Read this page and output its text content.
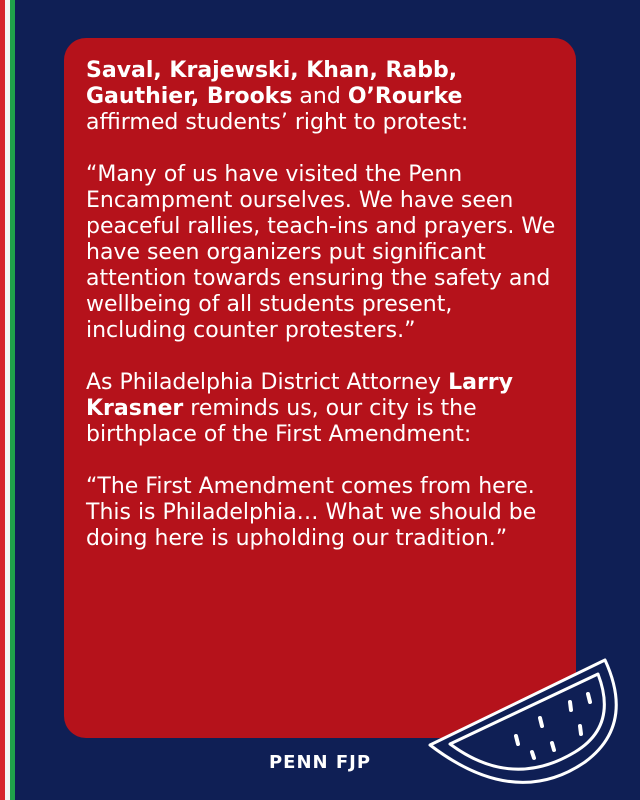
Saval, Krajewski, Khan, Rabb, Gauthier, Brooks and O’Rourke affirmed students’ right to protest:

“Many of us have visited the Penn Encampment ourselves. We have seen peaceful rallies, teach-ins and prayers. We have seen organizers put significant attention towards ensuring the safety and wellbeing of all students present, including counter protesters.”

As Philadelphia District Attorney Larry Krasner reminds us, our city is the birthplace of the First Amendment:

“The First Amendment comes from here. This is Philadelphia… What we should be doing here is upholding our tradition.”

PENN FJP
